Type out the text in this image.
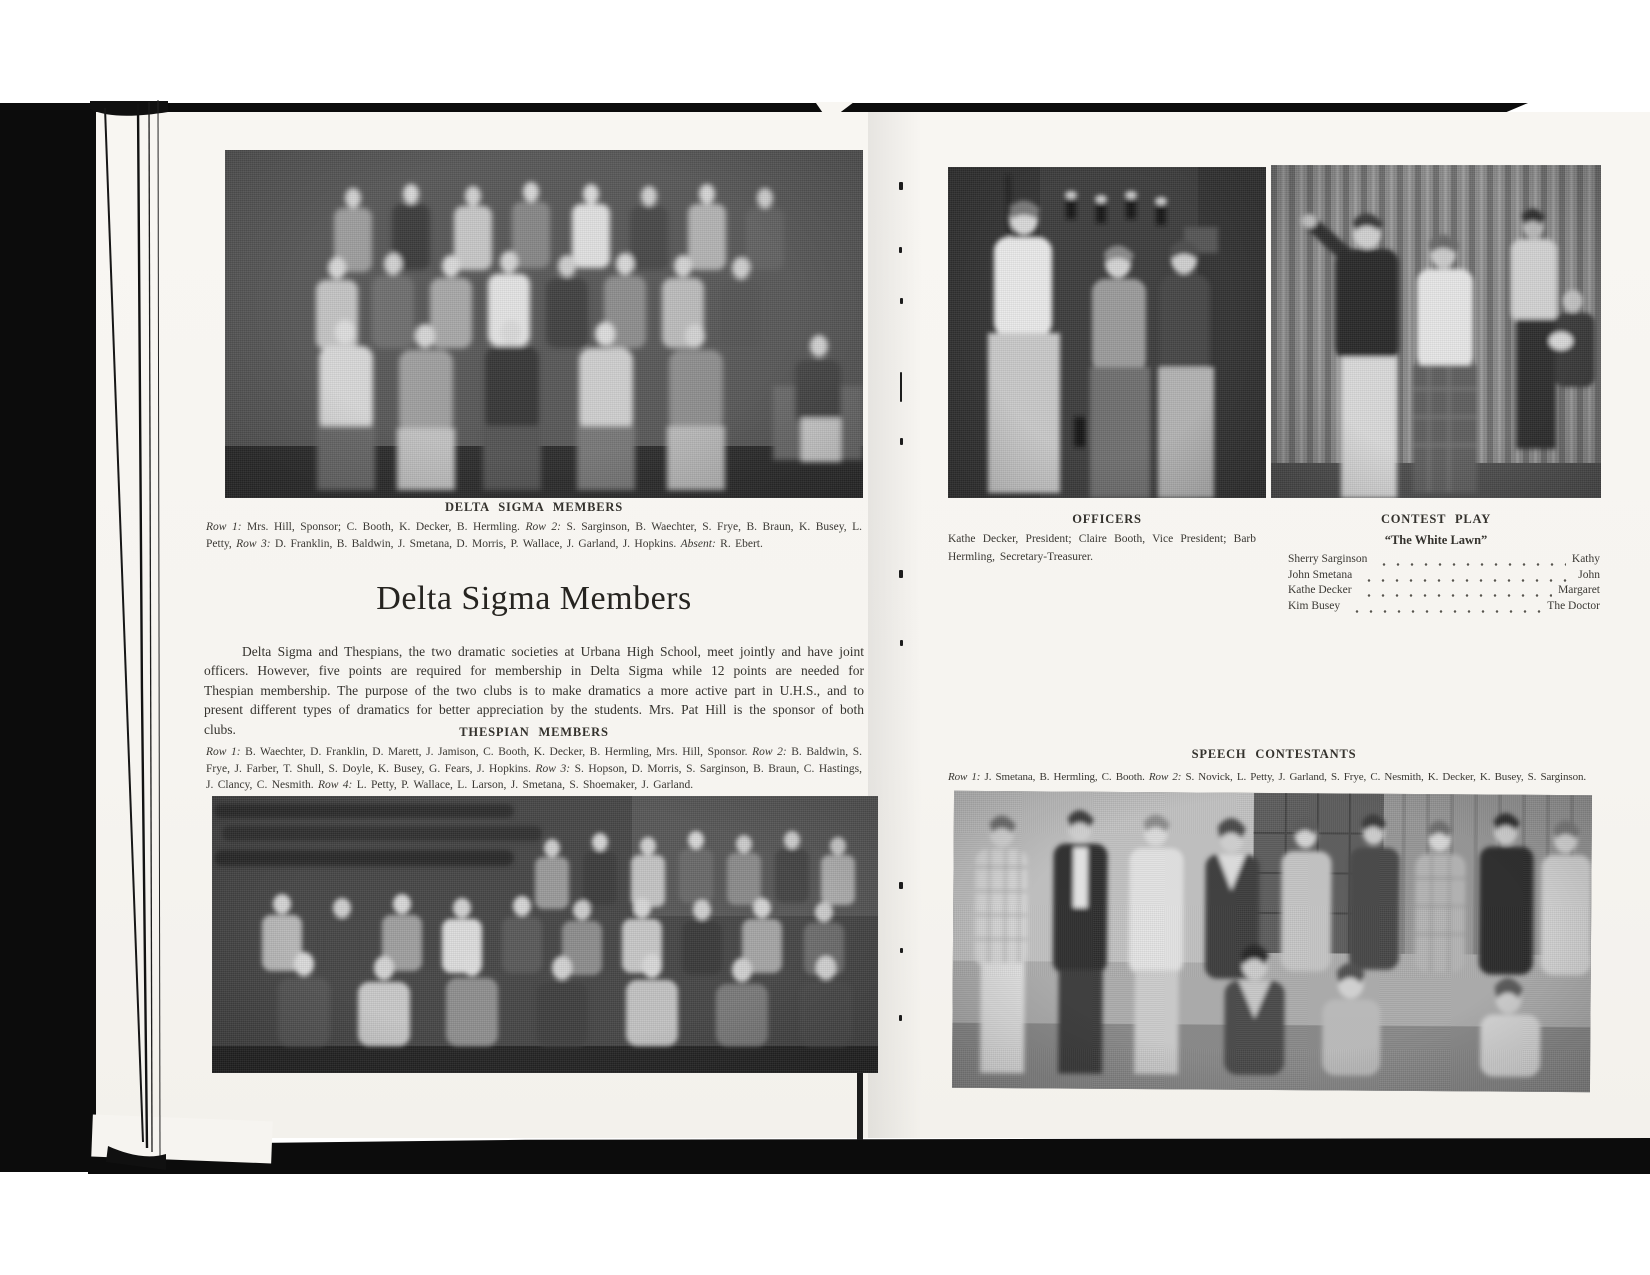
DELTA SIGMA MEMBERS

Row 1: Mrs. Hill, Sponsor; C. Booth, K. Decker, B. Hermling. Row 2: S. Sarginson, B. Waechter, S. Frye, B. Braun, K. Busey, L. Petty, Row 3: D. Franklin, B. Baldwin, J. Smetana, D. Morris, P. Wallace, J. Garland, J. Hopkins. Absent: R. Ebert.

Delta Sigma Members

Delta Sigma and Thespians, the two dramatic societies at Urbana High School, meet jointly and have joint officers. However, five points are required for membership in Delta Sigma while 12 points are needed for Thespian membership. The purpose of the two clubs is to make dramatics a more active part in U.H.S., and to present different types of dramatics for better appreciation by the students. Mrs. Pat Hill is the sponsor of both clubs.	THESPIAN MEMBERS

Row 1: B. Waechter, D. Franklin, D. Marett, J. Jamison, C. Booth, K. Decker, B. Hermling, Mrs. Hill, Sponsor. Row 2: B. Baldwin, S. Frye, J. Farber, T. Shull, S. Doyle, K. Busey, G. Fears, J. Hopkins. Row 3: S. Hopson, D. Morris, S. Sarginson, B. Braun, C. Hastings, J. Clancy, C. Nesmith. Row 4: L. Petty, P. Wallace, L. Larson, J. Smetana, S. Shoemaker, J. Garland.

OFFICERS

Kathe Decker, President; Claire Booth, Vice President; Barb Hermling, Secretary-Treasurer.

CONTEST PLAY
“The White Lawn”
Sherry Sarginson	Kathy
John Smetana	John
Kathe Decker	Margaret
Kim Busey	The Doctor
SPEECH CONTESTANTS

Row 1: J. Smetana, B. Hermling, C. Booth. Row 2: S. Novick, L. Petty, J. Garland, S. Frye, C. Nesmith, K. Decker, K. Busey, S. Sarginson.
